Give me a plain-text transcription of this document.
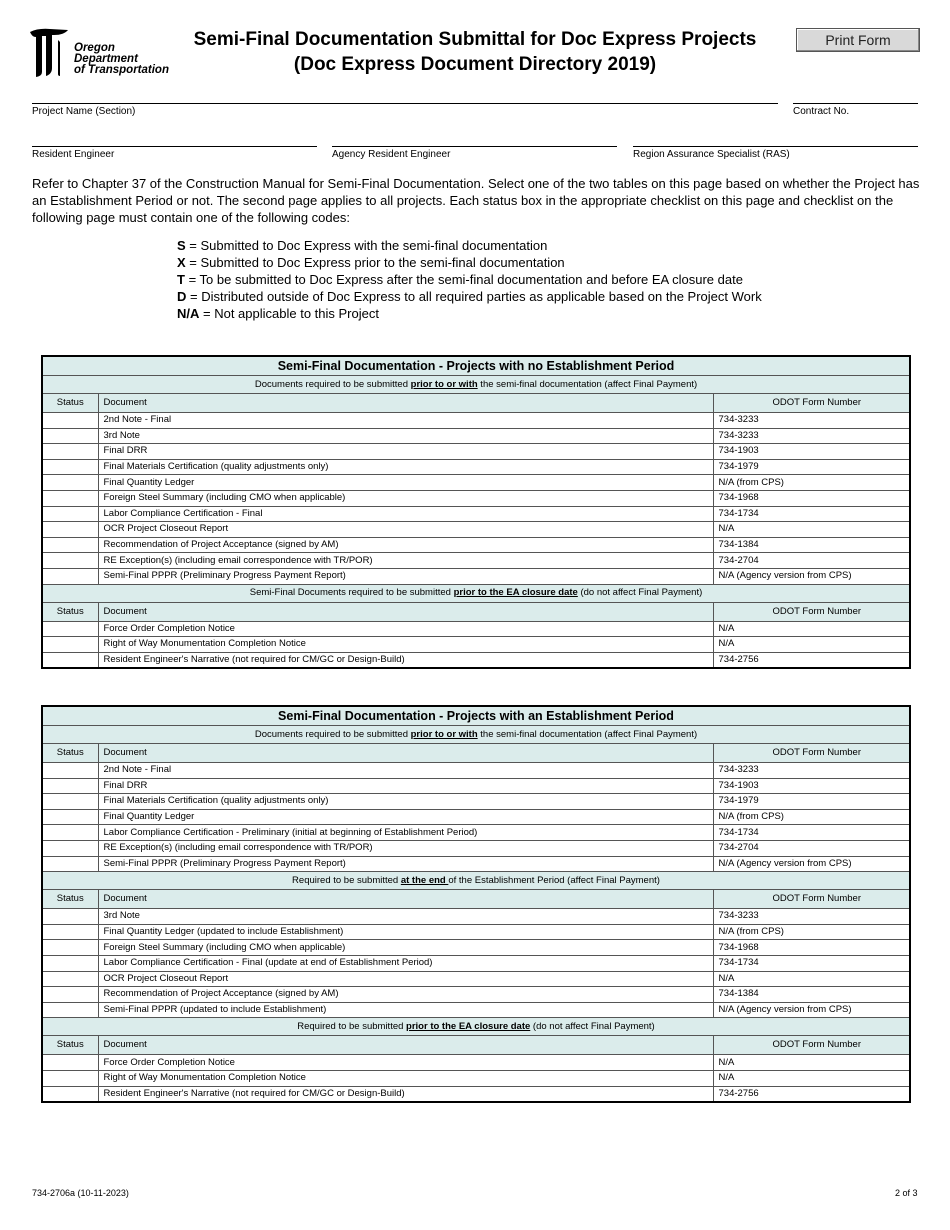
Oregon
Department
of Transportation
Semi-Final Documentation Submittal for Doc Express Projects
(Doc Express Document Directory 2019)
Print Form
Project Name (Section)	Contract No.
Resident Engineer	Agency Resident Engineer	Region Assurance Specialist (RAS)
Refer to Chapter 37 of the Construction Manual for Semi-Final Documentation. Select one of the two tables on this page based on whether the Project has an Establishment Period or not. The second page applies to all projects. Each status box in the appropriate checklist on this page and checklist on the following page must contain one of the following codes:
S = Submitted to Doc Express with the semi-final documentation
X = Submitted to Doc Express prior to the semi-final documentation
T = To be submitted to Doc Express after the semi-final documentation and before EA closure date
D = Distributed outside of Doc Express to all required parties as applicable based on the Project Work
N/A = Not applicable to this Project
Semi-Final Documentation - Projects with no Establishment Period		
Documents required to be submitted prior to or with the semi-final documentation (affect Final Payment)		
Status	Document	ODOT Form Number
	2nd Note - Final	734-3233
	3rd Note	734-3233
	Final DRR	734-1903
	Final Materials Certification (quality adjustments only)	734-1979
	Final Quantity Ledger	N/A (from CPS)
	Foreign Steel Summary (including CMO when applicable)	734-1968
	Labor Compliance Certification - Final	734-1734
	OCR Project Closeout Report	N/A
	Recommendation of Project Acceptance (signed by AM)	734-1384
	RE Exception(s) (including email correspondence with TR/POR)	734-2704
	Semi-Final PPPR (Preliminary Progress Payment Report)	N/A (Agency version from CPS)
Semi-Final Documents required to be submitted prior to the EA closure date (do not affect Final Payment)		
Status	Document	ODOT Form Number
	Force Order Completion Notice	N/A
	Right of Way Monumentation Completion Notice	N/A
	Resident Engineer's Narrative (not required for CM/GC or Design-Build)	734-2756
Semi-Final Documentation - Projects with an Establishment Period		
Documents required to be submitted prior to or with the semi-final documentation (affect Final Payment)		
Status	Document	ODOT Form Number
	2nd Note - Final	734-3233
	Final DRR	734-1903
	Final Materials Certification (quality adjustments only)	734-1979
	Final Quantity Ledger	N/A (from CPS)
	Labor Compliance Certification - Preliminary (initial at beginning of Establishment Period)	734-1734
	RE Exception(s) (including email correspondence with TR/POR)	734-2704
	Semi-Final PPPR (Preliminary Progress Payment Report)	N/A (Agency version from CPS)
Required to be submitted at the end of the Establishment Period (affect Final Payment)		
Status	Document	ODOT Form Number
	3rd Note	734-3233
	Final Quantity Ledger (updated to include Establishment)	N/A (from CPS)
	Foreign Steel Summary (including CMO when applicable)	734-1968
	Labor Compliance Certification - Final (update at end of Establishment Period)	734-1734
	OCR Project Closeout Report	N/A
	Recommendation of Project Acceptance (signed by AM)	734-1384
	Semi-Final PPPR (updated to include Establishment)	N/A (Agency version from CPS)
Required to be submitted prior to the EA closure date (do not affect Final Payment)		
Status	Document	ODOT Form Number
	Force Order Completion Notice	N/A
	Right of Way Monumentation Completion Notice	N/A
	Resident Engineer's Narrative (not required for CM/GC or Design-Build)	734-2756
734-2706a (10-11-2023)	2 of 3
